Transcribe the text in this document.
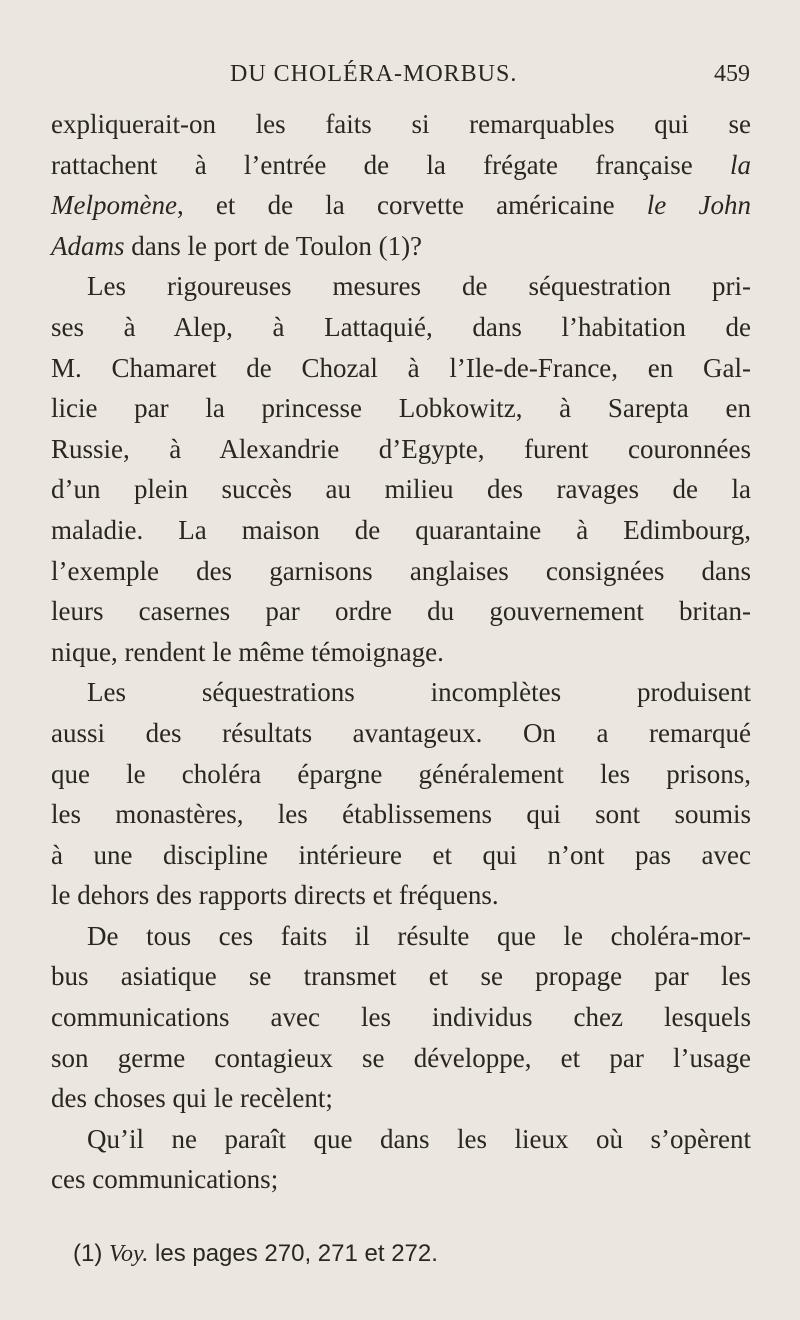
DU CHOLÉRA-MORBUS.	459
expliquerait-on les faits si remarquables qui se
rattachent à l’entrée de la frégate française la
Melpomène, et de la corvette américaine le John
Adams dans le port de Toulon (1)?
Les rigoureuses mesures de séquestration pri-
ses à Alep, à Lattaquié, dans l’habitation de
M. Chamaret de Chozal à l’Ile-de-France, en Gal-
licie par la princesse Lobkowitz, à Sarepta en
Russie, à Alexandrie d’Egypte, furent couronnées
d’un plein succès au milieu des ravages de la
maladie. La maison de quarantaine à Edimbourg,
l’exemple des garnisons anglaises consignées dans
leurs casernes par ordre du gouvernement britan-
nique, rendent le même témoignage.
Les séquestrations incomplètes produisent
aussi des résultats avantageux. On a remarqué
que le choléra épargne généralement les prisons,
les monastères, les établissemens qui sont soumis
à une discipline intérieure et qui n’ont pas avec
le dehors des rapports directs et fréquens.
De tous ces faits il résulte que le choléra-mor-
bus asiatique se transmet et se propage par les
communications avec les individus chez lesquels
son germe contagieux se développe, et par l’usage
des choses qui le recèlent;
Qu’il ne paraît que dans les lieux où s’opèrent
ces communications;
(1) Voy. les pages 270, 271 et 272.
